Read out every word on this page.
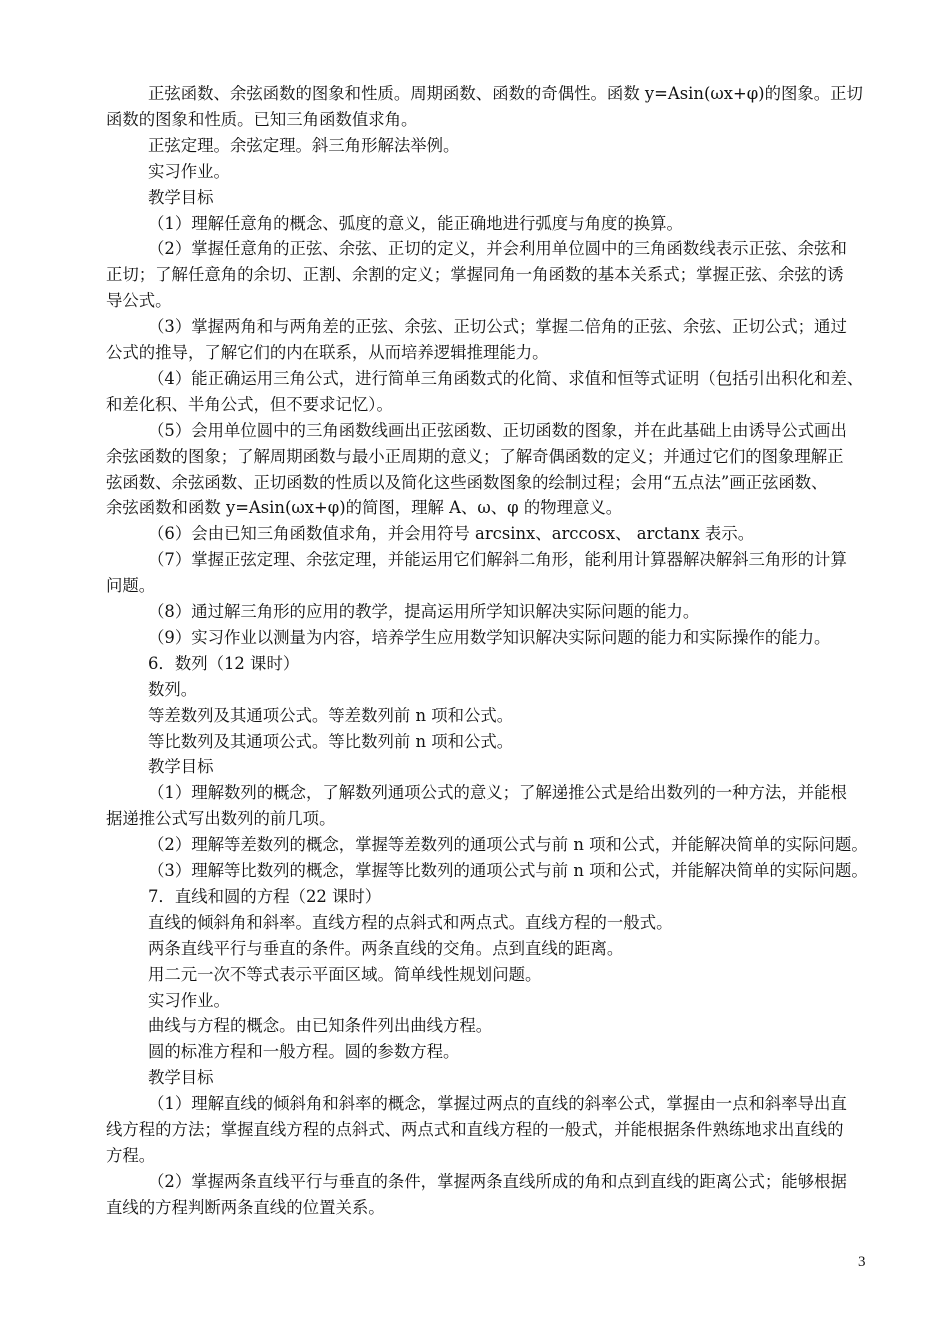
正弦函数、余弦函数的图象和性质。周期函数、函数的奇偶性。函数 y=Asin(ωx+φ)的图象。正切
函数的图象和性质。已知三角函数值求角。
正弦定理。余弦定理。斜三角形解法举例。
实习作业。
教学目标
（1）理解任意角的概念、弧度的意义，能正确地进行弧度与角度的换算。
（2）掌握任意角的正弦、余弦、正切的定义，并会利用单位圆中的三角函数线表示正弦、余弦和
正切；了解任意角的余切、正割、余割的定义；掌握同角一角函数的基本关系式；掌握正弦、余弦的诱
导公式。
（3）掌握两角和与两角差的正弦、余弦、正切公式；掌握二倍角的正弦、余弦、正切公式；通过
公式的推导，了解它们的内在联系，从而培养逻辑推理能力。
（4）能正确运用三角公式，进行简单三角函数式的化简、求值和恒等式证明（包括引出积化和差、
和差化积、半角公式，但不要求记忆）。
（5）会用单位圆中的三角函数线画出正弦函数、正切函数的图象，并在此基础上由诱导公式画出
余弦函数的图象；了解周期函数与最小正周期的意义；了解奇偶函数的定义；并通过它们的图象理解正
弦函数、余弦函数、正切函数的性质以及简化这些函数图象的绘制过程；会用“五点法”画正弦函数、
余弦函数和函数 y=Asin(ωx+φ)的简图，理解 A、ω、φ 的物理意义。
（6）会由已知三角函数值求角，并会用符号 arcsinx、arccosx、 arctanx 表示。
（7）掌握正弦定理、余弦定理，并能运用它们解斜二角形，能利用计算器解决解斜三角形的计算
问题。
（8）通过解三角形的应用的教学，提高运用所学知识解决实际问题的能力。
（9）实习作业以测量为内容，培养学生应用数学知识解决实际问题的能力和实际操作的能力。
6．数列（12 课时）
数列。
等差数列及其通项公式。等差数列前 n 项和公式。
等比数列及其通项公式。等比数列前 n 项和公式。
教学目标
（1）理解数列的概念，了解数列通项公式的意义；了解递推公式是给出数列的一种方法，并能根
据递推公式写出数列的前几项。
（2）理解等差数列的概念，掌握等差数列的通项公式与前 n 项和公式，并能解决简单的实际问题。
（3）理解等比数列的概念，掌握等比数列的通项公式与前 n 项和公式，并能解决简单的实际问题。
7．直线和圆的方程（22 课时）
直线的倾斜角和斜率。直线方程的点斜式和两点式。直线方程的一般式。
两条直线平行与垂直的条件。两条直线的交角。点到直线的距离。
用二元一次不等式表示平面区域。简单线性规划问题。
实习作业。
曲线与方程的概念。由已知条件列出曲线方程。
圆的标准方程和一般方程。圆的参数方程。
教学目标
（1）理解直线的倾斜角和斜率的概念，掌握过两点的直线的斜率公式，掌握由一点和斜率导出直
线方程的方法；掌握直线方程的点斜式、两点式和直线方程的一般式，并能根据条件熟练地求出直线的
方程。
（2）掌握两条直线平行与垂直的条件，掌握两条直线所成的角和点到直线的距离公式；能够根据
直线的方程判断两条直线的位置关系。
3
